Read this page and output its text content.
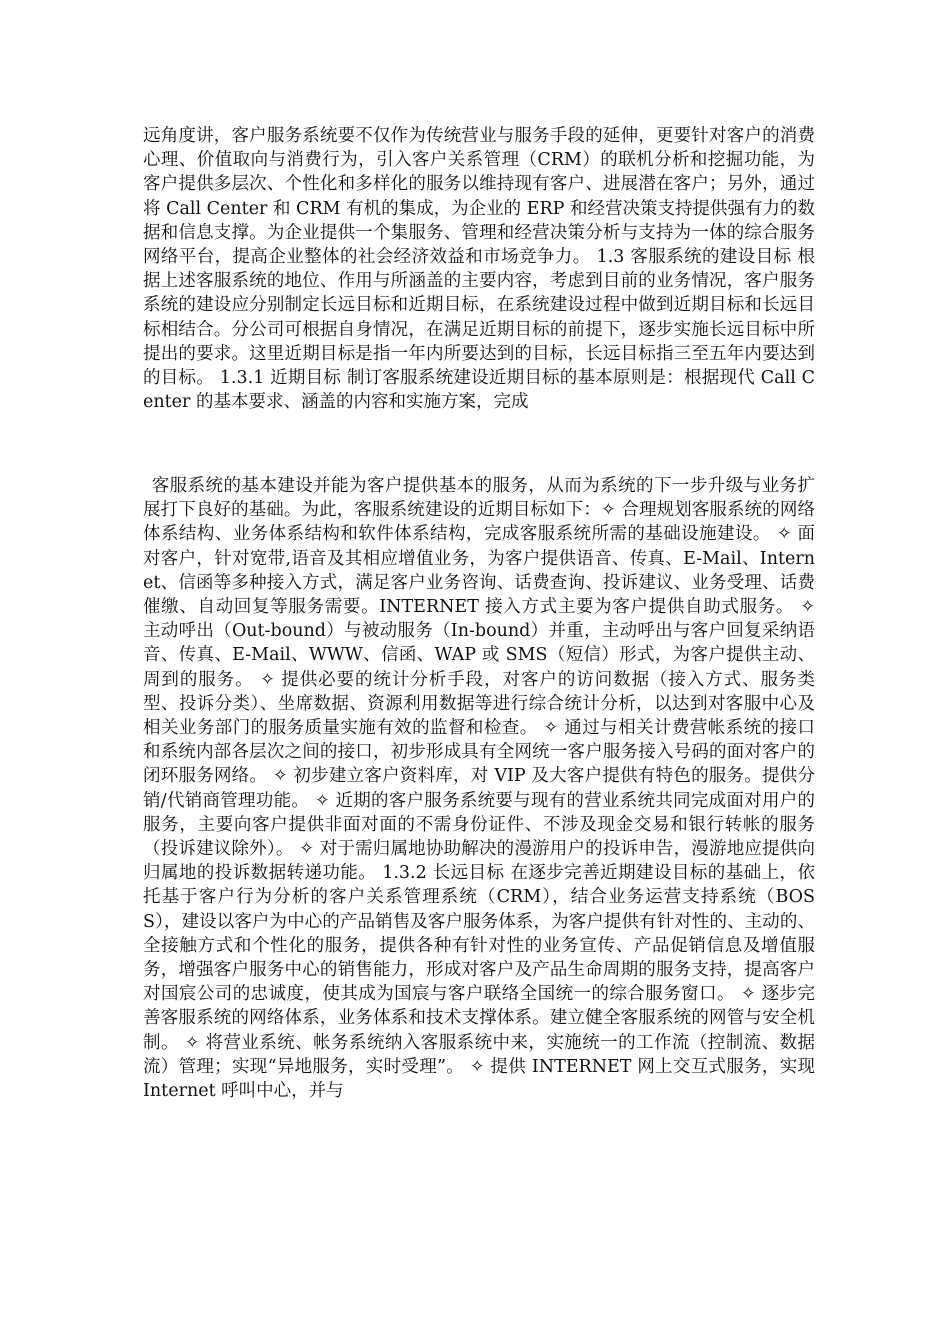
远角度讲，客户服务系统要不仅作为传统营业与服务手段的延伸，更要针对客户的消费心理、价值取向与消费行为，引入客户关系管理（CRM）的联机分析和挖掘功能，为客户提供多层次、个性化和多样化的服务以维持现有客户、进展潜在客户；另外，通过将 Call Center 和 CRM 有机的集成，为企业的 ERP 和经营决策支持提供强有力的数据和信息支撑。为企业提供一个集服务、管理和经营决策分析与支持为一体的综合服务网络平台，提高企业整体的社会经济效益和市场竞争力。 1.3 客服系统的建设目标 根据上述客服系统的地位、作用与所涵盖的主要内容，考虑到目前的业务情况，客户服务系统的建设应分别制定长远目标和近期目标，在系统建设过程中做到近期目标和长远目标相结合。分公司可根据自身情况，在满足近期目标的前提下，逐步实施长远目标中所提出的要求。这里近期目标是指一年内所要达到的目标，长远目标指三至五年内要达到的目标。 1.3.1 近期目标 制订客服系统建设近期目标的基本原则是：根据现代 Call Center 的基本要求、涵盖的内容和实施方案，完成

客服系统的基本建设并能为客户提供基本的服务，从而为系统的下一步升级与业务扩展打下良好的基础。为此，客服系统建设的近期目标如下：✧ 合理规划客服系统的网络体系结构、业务体系结构和软件体系结构，完成客服系统所需的基础设施建设。 ✧ 面对客户，针对宽带,语音及其相应增值业务，为客户提供语音、传真、E-Mail、Internet、信函等多种接入方式，满足客户业务咨询、话费查询、投诉建议、业务受理、话费催缴、自动回复等服务需要。INTERNET 接入方式主要为客户提供自助式服务。 ✧ 主动呼出（Out-bound）与被动服务（In-bound）并重，主动呼出与客户回复采纳语音、传真、E-Mail、WWW、信函、WAP 或 SMS（短信）形式，为客户提供主动、周到的服务。 ✧ 提供必要的统计分析手段，对客户的访问数据（接入方式、服务类型、投诉分类）、坐席数据、资源利用数据等进行综合统计分析，以达到对客服中心及相关业务部门的服务质量实施有效的监督和检查。 ✧ 通过与相关计费营帐系统的接口和系统内部各层次之间的接口，初步形成具有全网统一客户服务接入号码的面对客户的闭环服务网络。 ✧ 初步建立客户资料库，对 VIP 及大客户提供有特色的服务。提供分销/代销商管理功能。 ✧ 近期的客户服务系统要与现有的营业系统共同完成面对用户的服务，主要向客户提供非面对面的不需身份证件、不涉及现金交易和银行转帐的服务（投诉建议除外）。 ✧ 对于需归属地协助解决的漫游用户的投诉申告，漫游地应提供向归属地的投诉数据转递功能。 1.3.2 长远目标 在逐步完善近期建设目标的基础上，依托基于客户行为分析的客户关系管理系统（CRM），结合业务运营支持系统（BOSS），建设以客户为中心的产品销售及客户服务体系，为客户提供有针对性的、主动的、全接触方式和个性化的服务，提供各种有针对性的业务宣传、产品促销信息及增值服务，增强客户服务中心的销售能力，形成对客户及产品生命周期的服务支持，提高客户对国宸公司的忠诚度，使其成为国宸与客户联络全国统一的综合服务窗口。 ✧ 逐步完善客服系统的网络体系，业务体系和技术支撑体系。建立健全客服系统的网管与安全机制。 ✧ 将营业系统、帐务系统纳入客服系统中来，实施统一的工作流（控制流、数据流）管理；实现“异地服务，实时受理”。 ✧ 提供 INTERNET 网上交互式服务，实现 Internet 呼叫中心，并与
